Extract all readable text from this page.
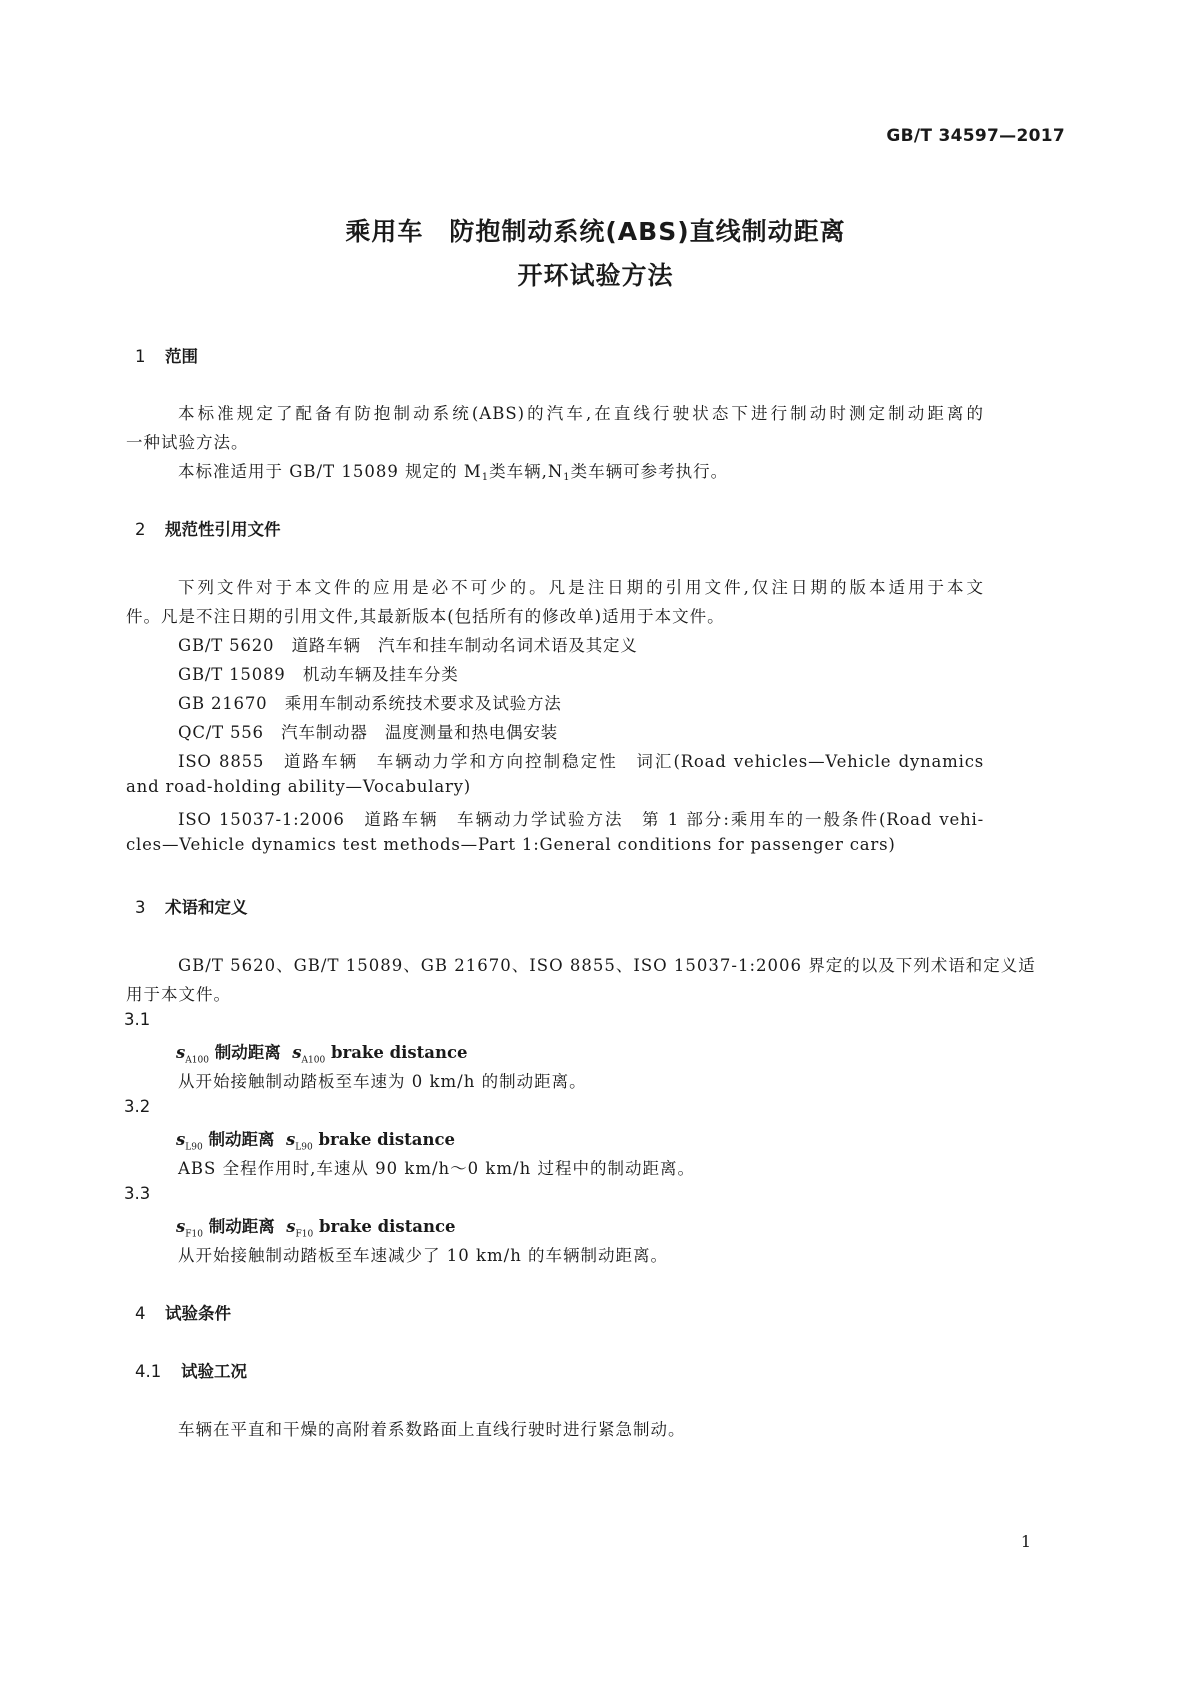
GB/T 34597—2017
乘用车　防抱制动系统(ABS)直线制动距离
开环试验方法
1 范围
本标准规定了配备有防抱制动系统(ABS)的汽车,在直线行驶状态下进行制动时测定制动距离的
一种试验方法。
本标准适用于 GB/T 15089 规定的 $M_1$类车辆$,N_1$类车辆可参考执行。
2 规范性引用文件
下列文件对于本文件的应用是必不可少的。凡是注日期的引用文件,仅注日期的版本适用于本文
件。凡是不注日期的引用文件,其最新版本(包括所有的修改单)适用于本文件。
GB/T 5620　道路车辆　汽车和挂车制动名词术语及其定义
GB/T 15089　机动车辆及挂车分类
GB 21670　乘用车制动系统技术要求及试验方法
QC/T 556　汽车制动器　温度测量和热电偶安装
ISO 8855　道路车辆　车辆动力学和方向控制稳定性　词汇(Road vehicles—Vehicle dynamics
and road-holding ability—Vocabulary)
ISO 15037-1:2006　道路车辆　车辆动力学试验方法　第 1 部分:乘用车的一般条件(Road vehi-
cles—Vehicle dynamics test methods—Part 1:General conditions for passenger cars)
3 术语和定义
GB/T 5620、GB/T 15089、GB 21670、ISO 8855、ISO 15037-1:2006 界定的以及下列术语和定义适
用于本文件。
3.1
$s_{A100}$ 制动距离 $s_{A100}$ brake distance
从开始接触制动踏板至车速为 0 km/h 的制动距离。
3.2
$s_{L90}$ 制动距离 $s_{L90}$ brake distance
ABS 全程作用时,车速从 90 km/h～0 km/h 过程中的制动距离。
3.3
$s_{F10}$ 制动距离 $s_{F10}$ brake distance
从开始接触制动踏板至车速减少了 10 km/h 的车辆制动距离。
4 试验条件
4.1 试验工况
车辆在平直和干燥的高附着系数路面上直线行驶时进行紧急制动。
1
